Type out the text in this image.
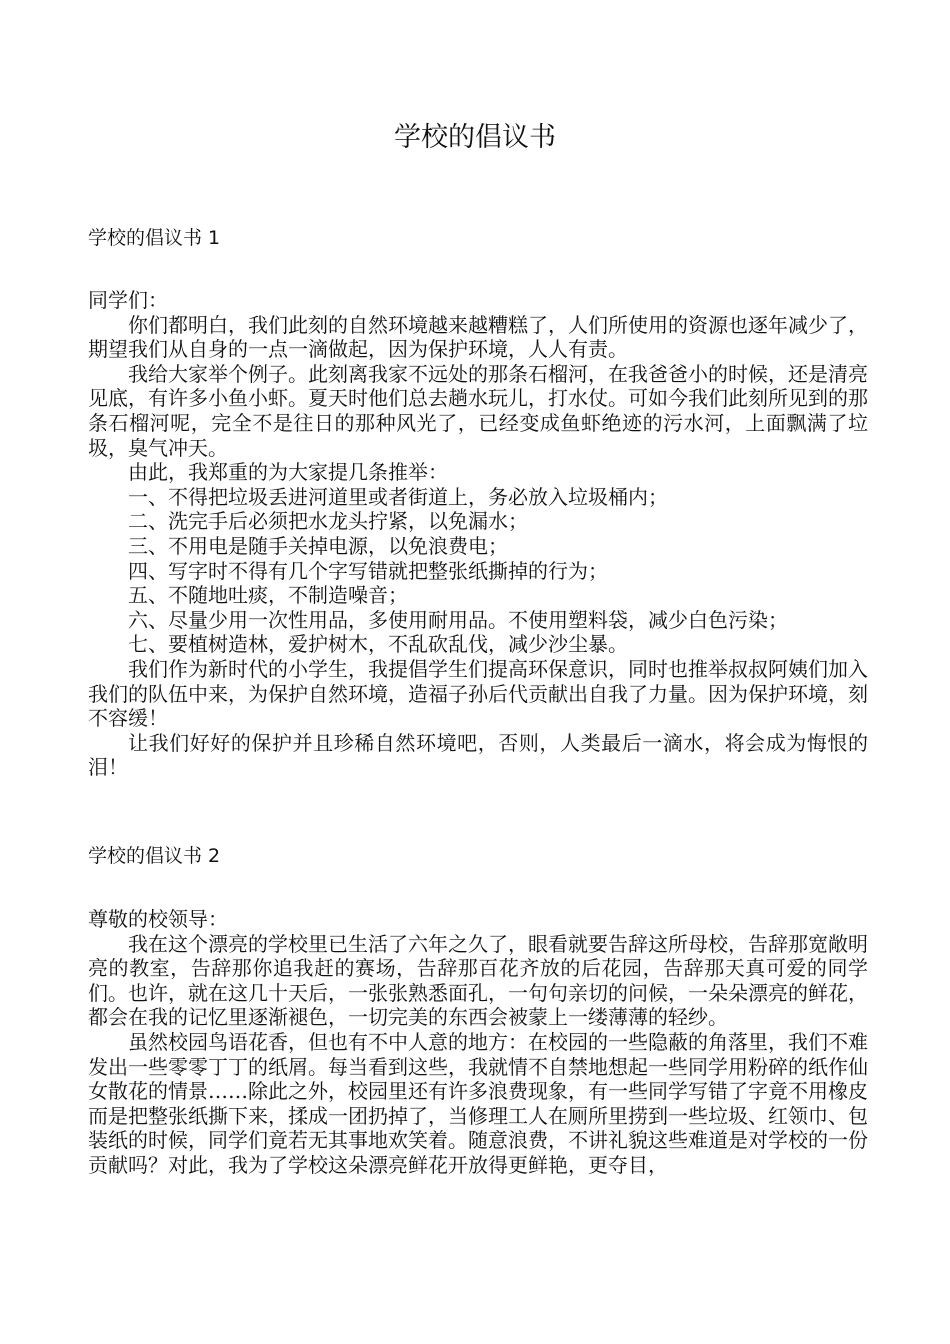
学校的倡议书
学校的倡议书 1

同学们：

你们都明白，我们此刻的自然环境越来越糟糕了，人们所使用的资源也逐年减少了，期望我们从自身的一点一滴做起，因为保护环境，人人有责。

我给大家举个例子。此刻离我家不远处的那条石榴河，在我爸爸小的时候，还是清亮见底，有许多小鱼小虾。夏天时他们总去趟水玩儿，打水仗。可如今我们此刻所见到的那条石榴河呢，完全不是往日的那种风光了，已经变成鱼虾绝迹的污水河，上面飘满了垃圾，臭气冲天。

由此，我郑重的为大家提几条推举：

一、不得把垃圾丢进河道里或者街道上，务必放入垃圾桶内；

二、洗完手后必须把水龙头拧紧，以免漏水；

三、不用电是随手关掉电源，以免浪费电；

四、写字时不得有几个字写错就把整张纸撕掉的行为；

五、不随地吐痰，不制造噪音；

六、尽量少用一次性用品，多使用耐用品。不使用塑料袋，减少白色污染；

七、要植树造林，爱护树木，不乱砍乱伐，减少沙尘暴。

我们作为新时代的小学生，我提倡学生们提高环保意识，同时也推举叔叔阿姨们加入我们的队伍中来，为保护自然环境，造福子孙后代贡献出自我了力量。因为保护环境，刻不容缓！

让我们好好的保护并且珍稀自然环境吧，否则，人类最后一滴水，将会成为悔恨的泪！

学校的倡议书 2

尊敬的校领导：

我在这个漂亮的学校里已生活了六年之久了，眼看就要告辞这所母校，告辞那宽敞明亮的教室，告辞那你追我赶的赛场，告辞那百花齐放的后花园，告辞那天真可爱的同学们。也许，就在这几十天后，一张张熟悉面孔，一句句亲切的问候，一朵朵漂亮的鲜花，都会在我的记忆里逐渐褪色，一切完美的东西会被蒙上一缕薄薄的轻纱。

虽然校园鸟语花香，但也有不中人意的地方：在校园的一些隐蔽的角落里，我们不难发出一些零零丁丁的纸屑。每当看到这些，我就情不自禁地想起一些同学用粉碎的纸作仙女散花的情景……除此之外，校园里还有许多浪费现象，有一些同学写错了字竟不用橡皮而是把整张纸撕下来，揉成一团扔掉了，当修理工人在厕所里捞到一些垃圾、红领巾、包装纸的时候，同学们竟若无其事地欢笑着。随意浪费，不讲礼貌这些难道是对学校的一份贡献吗？对此，我为了学校这朵漂亮鲜花开放得更鲜艳，更夺目，
